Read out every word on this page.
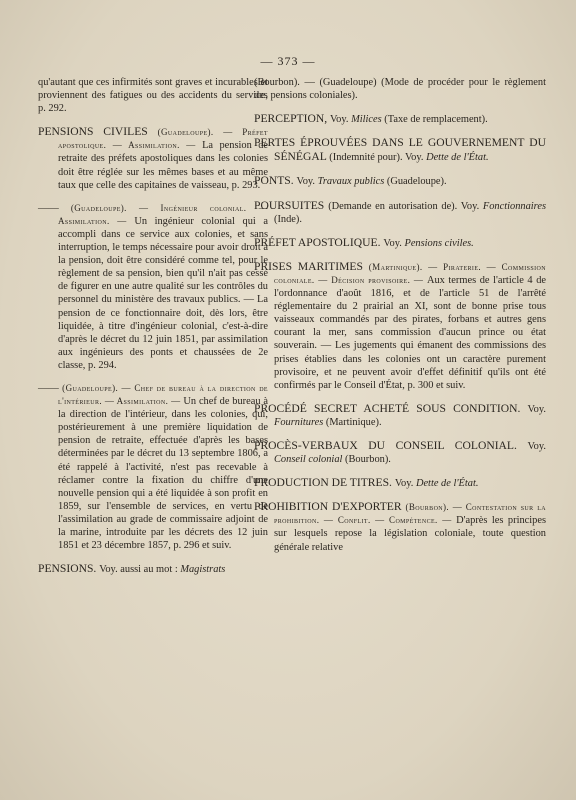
— 373 —

qu'autant que ces infirmités sont graves et incurables et proviennent des fatigues ou des accidents du service, p. 292.

PENSIONS CIVILES (Guadeloupe). — Préfet apostolique. — Assimilation. — La pension de retraite des préfets apostoliques dans les colonies doit être réglée sur les mêmes bases et au même taux que celle des capitaines de vaisseau, p. 293.

—— (Guadeloupe). — Ingénieur colonial. — Assimilation. — Un ingénieur colonial qui a accompli dans ce service aux colonies, et sans interruption, le temps nécessaire pour avoir droit à la pension, doit être considéré comme tel, pour le règlement de sa pension, bien qu'il n'ait pas cessé de figurer en une autre qualité sur les contrôles du personnel du ministère des travaux publics. — La pension de ce fonctionnaire doit, dès lors, être liquidée, à titre d'ingénieur colonial, c'est-à-dire d'après le décret du 12 juin 1851, par assimilation aux ingénieurs des ponts et chaussées de 2e classe, p. 294.

—— (Guadeloupe). — Chef de bureau à la direction de l'intérieur. — Assimilation. — Un chef de bureau à la direction de l'intérieur, dans les colonies, qui, postérieurement à une première liquidation de pension de retraite, effectuée d'après les bases déterminées par le décret du 13 septembre 1806, a été rappelé à l'activité, n'est pas recevable à réclamer contre la fixation du chiffre d'une nouvelle pension qui a été liquidée à son profit en 1859, sur l'ensemble de services, en vertu de l'assimilation au grade de commissaire adjoint de la marine, introduite par les décrets des 12 juin 1851 et 23 décembre 1857, p. 296 et suiv.

PENSIONS. Voy. aussi au mot : Magistrats

(Bourbon). — (Guadeloupe) (Mode de procéder pour le règlement des pensions coloniales).

PERCEPTION, Voy. Milices (Taxe de remplacement).

PERTES ÉPROUVÉES DANS LE GOUVERNEMENT DU SÉNÉGAL (Indemnité pour). Voy. Dette de l'État.

PONTS. Voy. Travaux publics (Guadeloupe).

POURSUITES (Demande en autorisation de). Voy. Fonctionnaires (Inde).

PRÉFET APOSTOLIQUE. Voy. Pensions civiles.

PRISES MARITIMES (Martinique). — Piraterie. — Commission coloniale. — Décision provisoire. — Aux termes de l'article 4 de l'ordonnance d'août 1816, et de l'article 51 de l'arrêté réglementaire du 2 prairial an XI, sont de bonne prise tous vaisseaux commandés par des pirates, forbans et autres gens courant la mer, sans commission d'aucun prince ou état souverain. — Les jugements qui émanent des commissions des prises établies dans les colonies ont un caractère purement provisoire, et ne peuvent avoir d'effet définitif qu'ils ont été confirmés par le Conseil d'État, p. 300 et suiv.

PROCÉDÉ SECRET ACHETÉ SOUS CONDITION. Voy. Fournitures (Martinique).

PROCÈS-VERBAUX DU CONSEIL COLONIAL. Voy. Conseil colonial (Bourbon).

PRODUCTION DE TITRES. Voy. Dette de l'État.

PROHIBITION D'EXPORTER (Bourbon). — Contestation sur la prohibition. — Conflit. — Compétence. — D'après les principes sur lesquels repose la législation coloniale, toute question générale relative
